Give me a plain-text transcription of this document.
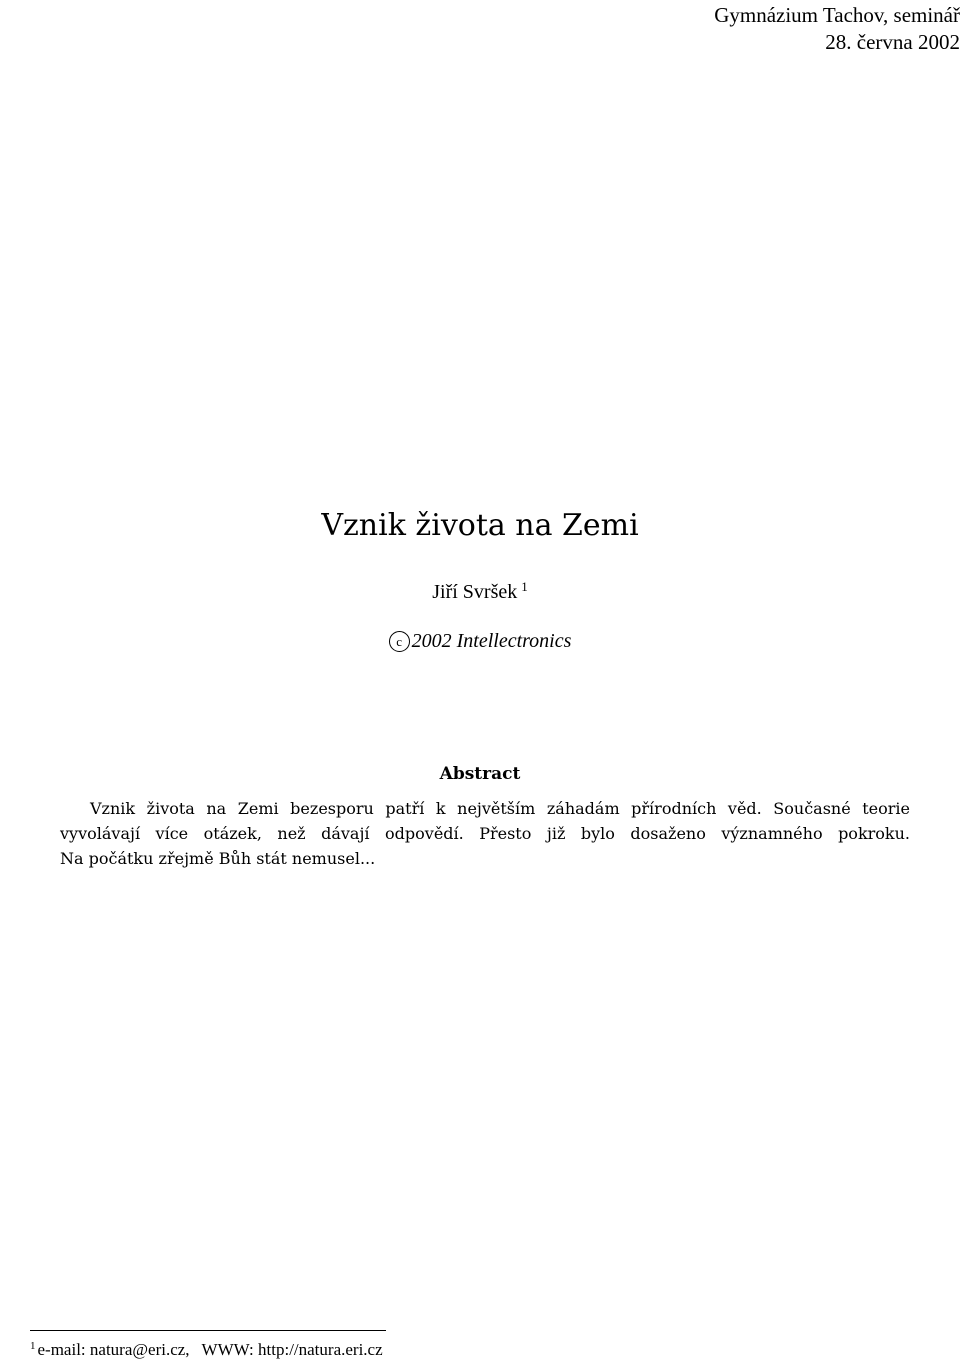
Gymnázium Tachov, seminář
28. června 2002
Vznik života na Zemi
Jiří Svršek $^1$
c 2002 Intellectronics
Abstract
Vznik života na Zemi bezesporu patří k největším záhadám přírodních věd. Současné teorie
vyvolávají více otázek, než dávají odpovědí. Přesto již bylo dosaženo významného pokroku.
Na počátku zřejmě Bůh stát nemusel...
$^1$ e-mail: natura@eri.cz, WWW: http://natura.eri.cz
